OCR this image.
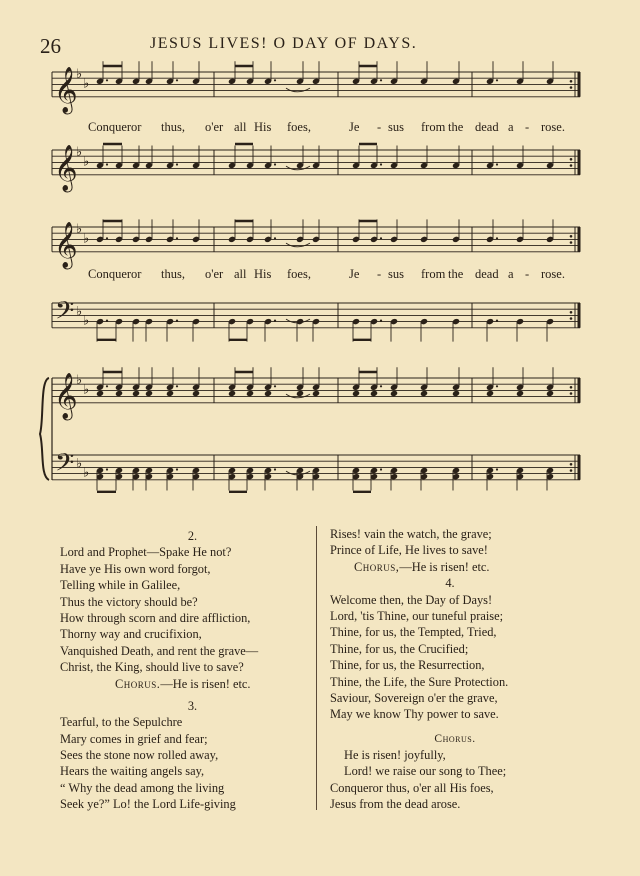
26	JESUS LIVES! O DAY OF DAYS.
𝄞
♭
♭
𝄞
♭
♭
𝄞
♭
♭
𝄢 ♭
♭
𝄞
♭
♭
𝄢 ♭
♭
Conqueror thus, o'er all His foes,	Je - sus from the dead a - rose.
Conqueror thus, o'er all His foes,	Je - sus from the dead a - rose.
2.
Lord and Prophet—Spake He not?
Have ye His own word forgot,
Telling while in Galilee,
Thus the victory should be?
How through scorn and dire affliction,
Thorny way and crucifixion,
Vanquished Death, and rent the grave—
Christ, the King, should live to save?
Chorus.—He is risen! etc.
3.
Tearful, to the Sepulchre
Mary comes in grief and fear;
Sees the stone now rolled away,
Hears the waiting angels say,
“ Why the dead among the living
Seek ye?” Lo! the Lord Life-giving
Rises! vain the watch, the grave;
Prince of Life, He lives to save!
Chorus,—He is risen! etc.
4.
Welcome then, the Day of Days!
Lord, 'tis Thine, our tuneful praise;
Thine, for us, the Tempted, Tried,
Thine, for us, the Crucified;
Thine, for us, the Resurrection,
Thine, the Life, the Sure Protection.
Saviour, Sovereign o'er the grave,
May we know Thy power to save.
Chorus.
He is risen! joyfully,
Lord! we raise our song to Thee;
Conqueror thus, o'er all His foes,
Jesus from the dead arose.
